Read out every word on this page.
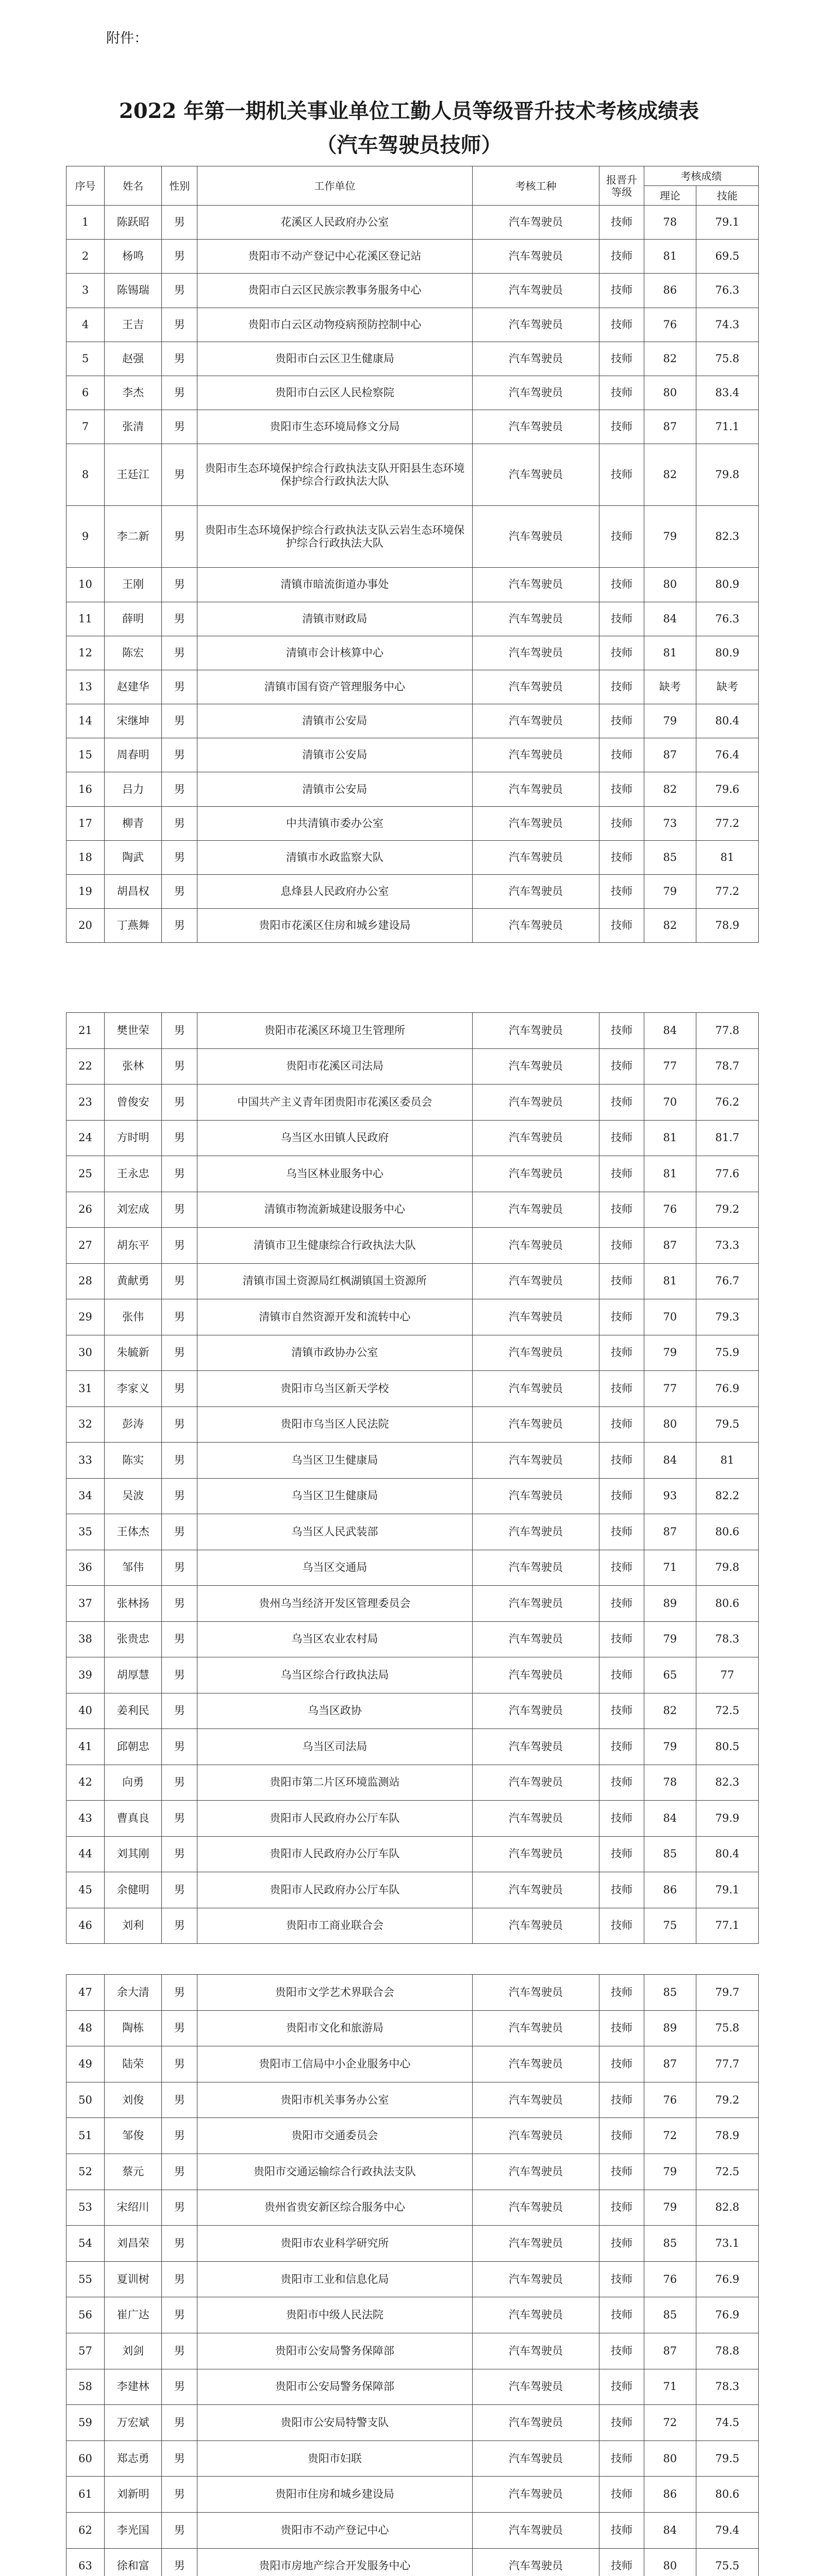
附件：
2022 年第一期机关事业单位工勤人员等级晋升技术考核成绩表
（汽车驾驶员技师）
序号	姓名	性别	工作单位	考核工种	报晋升等级	考核成绩	
						理论	技能
1	陈跃昭	男	花溪区人民政府办公室	汽车驾驶员	技师	78	79.1
2	杨鸣	男	贵阳市不动产登记中心花溪区登记站	汽车驾驶员	技师	81	69.5
3	陈锡瑞	男	贵阳市白云区民族宗教事务服务中心	汽车驾驶员	技师	86	76.3
4	王吉	男	贵阳市白云区动物疫病预防控制中心	汽车驾驶员	技师	76	74.3
5	赵强	男	贵阳市白云区卫生健康局	汽车驾驶员	技师	82	75.8
6	李杰	男	贵阳市白云区人民检察院	汽车驾驶员	技师	80	83.4
7	张清	男	贵阳市生态环境局修文分局	汽车驾驶员	技师	87	71.1
8	王廷江	男	贵阳市生态环境保护综合行政执法支队开阳县生态环境保护综合行政执法大队	汽车驾驶员	技师	82	79.8
9	李二新	男	贵阳市生态环境保护综合行政执法支队云岩生态环境保护综合行政执法大队	汽车驾驶员	技师	79	82.3
10	王刚	男	清镇市暗流街道办事处	汽车驾驶员	技师	80	80.9
11	薛明	男	清镇市财政局	汽车驾驶员	技师	84	76.3
12	陈宏	男	清镇市会计核算中心	汽车驾驶员	技师	81	80.9
13	赵建华	男	清镇市国有资产管理服务中心	汽车驾驶员	技师	缺考	缺考
14	宋继坤	男	清镇市公安局	汽车驾驶员	技师	79	80.4
15	周春明	男	清镇市公安局	汽车驾驶员	技师	87	76.4
16	吕力	男	清镇市公安局	汽车驾驶员	技师	82	79.6
17	柳青	男	中共清镇市委办公室	汽车驾驶员	技师	73	77.2
18	陶武	男	清镇市水政监察大队	汽车驾驶员	技师	85	81
19	胡昌权	男	息烽县人民政府办公室	汽车驾驶员	技师	79	77.2
20	丁燕舞	男	贵阳市花溪区住房和城乡建设局	汽车驾驶员	技师	82	78.9
21	樊世荣	男	贵阳市花溪区环境卫生管理所	汽车驾驶员	技师	84	77.8
22	张林	男	贵阳市花溪区司法局	汽车驾驶员	技师	77	78.7
23	曾俊安	男	中国共产主义青年团贵阳市花溪区委员会	汽车驾驶员	技师	70	76.2
24	方时明	男	乌当区水田镇人民政府	汽车驾驶员	技师	81	81.7
25	王永忠	男	乌当区林业服务中心	汽车驾驶员	技师	81	77.6
26	刘宏成	男	清镇市物流新城建设服务中心	汽车驾驶员	技师	76	79.2
27	胡东平	男	清镇市卫生健康综合行政执法大队	汽车驾驶员	技师	87	73.3
28	黄献勇	男	清镇市国土资源局红枫湖镇国土资源所	汽车驾驶员	技师	81	76.7
29	张伟	男	清镇市自然资源开发和流转中心	汽车驾驶员	技师	70	79.3
30	朱毓新	男	清镇市政协办公室	汽车驾驶员	技师	79	75.9
31	李家义	男	贵阳市乌当区新天学校	汽车驾驶员	技师	77	76.9
32	彭涛	男	贵阳市乌当区人民法院	汽车驾驶员	技师	80	79.5
33	陈实	男	乌当区卫生健康局	汽车驾驶员	技师	84	81
34	吴波	男	乌当区卫生健康局	汽车驾驶员	技师	93	82.2
35	王体杰	男	乌当区人民武装部	汽车驾驶员	技师	87	80.6
36	邹伟	男	乌当区交通局	汽车驾驶员	技师	71	79.8
37	张林扬	男	贵州乌当经济开发区管理委员会	汽车驾驶员	技师	89	80.6
38	张贵忠	男	乌当区农业农村局	汽车驾驶员	技师	79	78.3
39	胡厚慧	男	乌当区综合行政执法局	汽车驾驶员	技师	65	77
40	姜利民	男	乌当区政协	汽车驾驶员	技师	82	72.5
41	邱朝忠	男	乌当区司法局	汽车驾驶员	技师	79	80.5
42	向勇	男	贵阳市第二片区环境监测站	汽车驾驶员	技师	78	82.3
43	曹真良	男	贵阳市人民政府办公厅车队	汽车驾驶员	技师	84	79.9
44	刘其刚	男	贵阳市人民政府办公厅车队	汽车驾驶员	技师	85	80.4
45	余健明	男	贵阳市人民政府办公厅车队	汽车驾驶员	技师	86	79.1
46	刘利	男	贵阳市工商业联合会	汽车驾驶员	技师	75	77.1
47	余大清	男	贵阳市文学艺术界联合会	汽车驾驶员	技师	85	79.7
48	陶栋	男	贵阳市文化和旅游局	汽车驾驶员	技师	89	75.8
49	陆荣	男	贵阳市工信局中小企业服务中心	汽车驾驶员	技师	87	77.7
50	刘俊	男	贵阳市机关事务办公室	汽车驾驶员	技师	76	79.2
51	邹俊	男	贵阳市交通委员会	汽车驾驶员	技师	72	78.9
52	蔡元	男	贵阳市交通运输综合行政执法支队	汽车驾驶员	技师	79	72.5
53	宋绍川	男	贵州省贵安新区综合服务中心	汽车驾驶员	技师	79	82.8
54	刘昌荣	男	贵阳市农业科学研究所	汽车驾驶员	技师	85	73.1
55	夏训树	男	贵阳市工业和信息化局	汽车驾驶员	技师	76	76.9
56	崔广达	男	贵阳市中级人民法院	汽车驾驶员	技师	85	76.9
57	刘剑	男	贵阳市公安局警务保障部	汽车驾驶员	技师	87	78.8
58	李建林	男	贵阳市公安局警务保障部	汽车驾驶员	技师	71	78.3
59	万宏斌	男	贵阳市公安局特警支队	汽车驾驶员	技师	72	74.5
60	郑志勇	男	贵阳市妇联	汽车驾驶员	技师	80	79.5
61	刘新明	男	贵阳市住房和城乡建设局	汽车驾驶员	技师	86	80.6
62	李光国	男	贵阳市不动产登记中心	汽车驾驶员	技师	84	79.4
63	徐和富	男	贵阳市房地产综合开发服务中心	汽车驾驶员	技师	80	75.5
